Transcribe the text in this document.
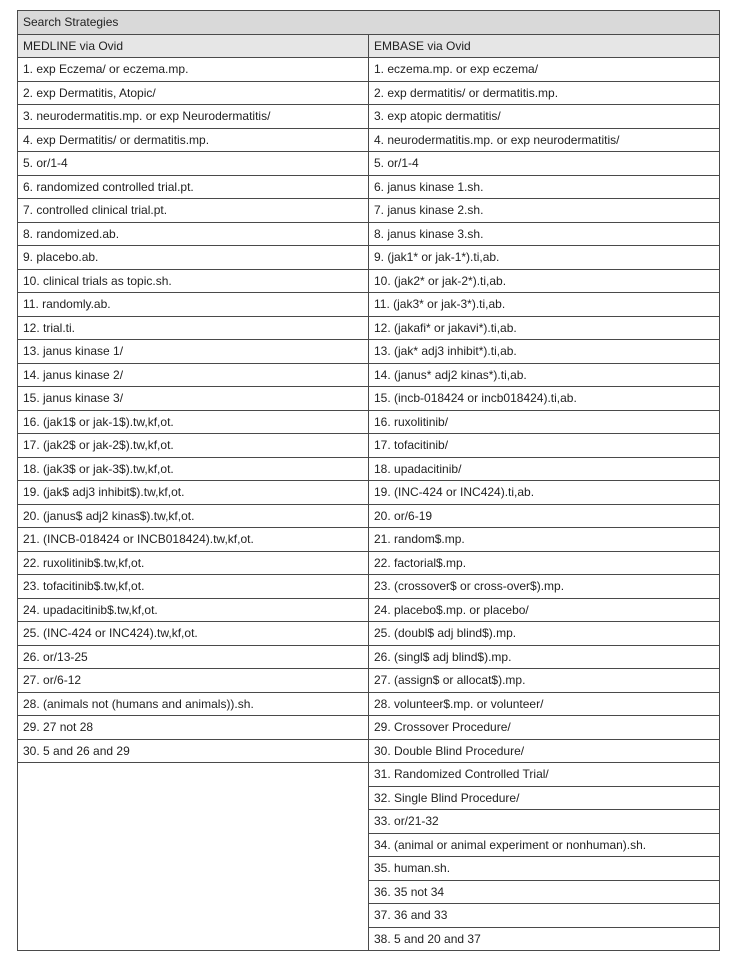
Search Strategies	
MEDLINE via Ovid	EMBASE via Ovid
1. exp Eczema/ or eczema.mp.	1. eczema.mp. or exp eczema/
2. exp Dermatitis, Atopic/	2. exp dermatitis/ or dermatitis.mp.
3. neurodermatitis.mp. or exp Neurodermatitis/	3. exp atopic dermatitis/
4. exp Dermatitis/ or dermatitis.mp.	4. neurodermatitis.mp. or exp neurodermatitis/
5. or/1-4	5. or/1-4
6. randomized controlled trial.pt.	6. janus kinase 1.sh.
7. controlled clinical trial.pt.	7. janus kinase 2.sh.
8. randomized.ab.	8. janus kinase 3.sh.
9. placebo.ab.	9. (jak1* or jak-1*).ti,ab.
10. clinical trials as topic.sh.	10. (jak2* or jak-2*).ti,ab.
11. randomly.ab.	11. (jak3* or jak-3*).ti,ab.
12. trial.ti.	12. (jakafi* or jakavi*).ti,ab.
13. janus kinase 1/	13. (jak* adj3 inhibit*).ti,ab.
14. janus kinase 2/	14. (janus* adj2 kinas*).ti,ab.
15. janus kinase 3/	15. (incb-018424 or incb018424).ti,ab.
16. (jak1$ or jak-1$).tw,kf,ot.	16. ruxolitinib/
17. (jak2$ or jak-2$).tw,kf,ot.	17. tofacitinib/
18. (jak3$ or jak-3$).tw,kf,ot.	18. upadacitinib/
19. (jak$ adj3 inhibit$).tw,kf,ot.	19. (INC-424 or INC424).ti,ab.
20. (janus$ adj2 kinas$).tw,kf,ot.	20. or/6-19
21. (INCB-018424 or INCB018424).tw,kf,ot.	21. random$.mp.
22. ruxolitinib$.tw,kf,ot.	22. factorial$.mp.
23. tofacitinib$.tw,kf,ot.	23. (crossover$ or cross-over$).mp.
24. upadacitinib$.tw,kf,ot.	24. placebo$.mp. or placebo/
25. (INC-424 or INC424).tw,kf,ot.	25. (doubl$ adj blind$).mp.
26. or/13-25	26. (singl$ adj blind$).mp.
27. or/6-12	27. (assign$ or allocat$).mp.
28. (animals not (humans and animals)).sh.	28. volunteer$.mp. or volunteer/
29. 27 not 28	29. Crossover Procedure/
30. 5 and 26 and 29	30. Double Blind Procedure/
	31. Randomized Controlled Trial/
	32. Single Blind Procedure/
	33. or/21-32
	34. (animal or animal experiment or nonhuman).sh.
	35. human.sh.
	36. 35 not 34
	37. 36 and 33
	38. 5 and 20 and 37
